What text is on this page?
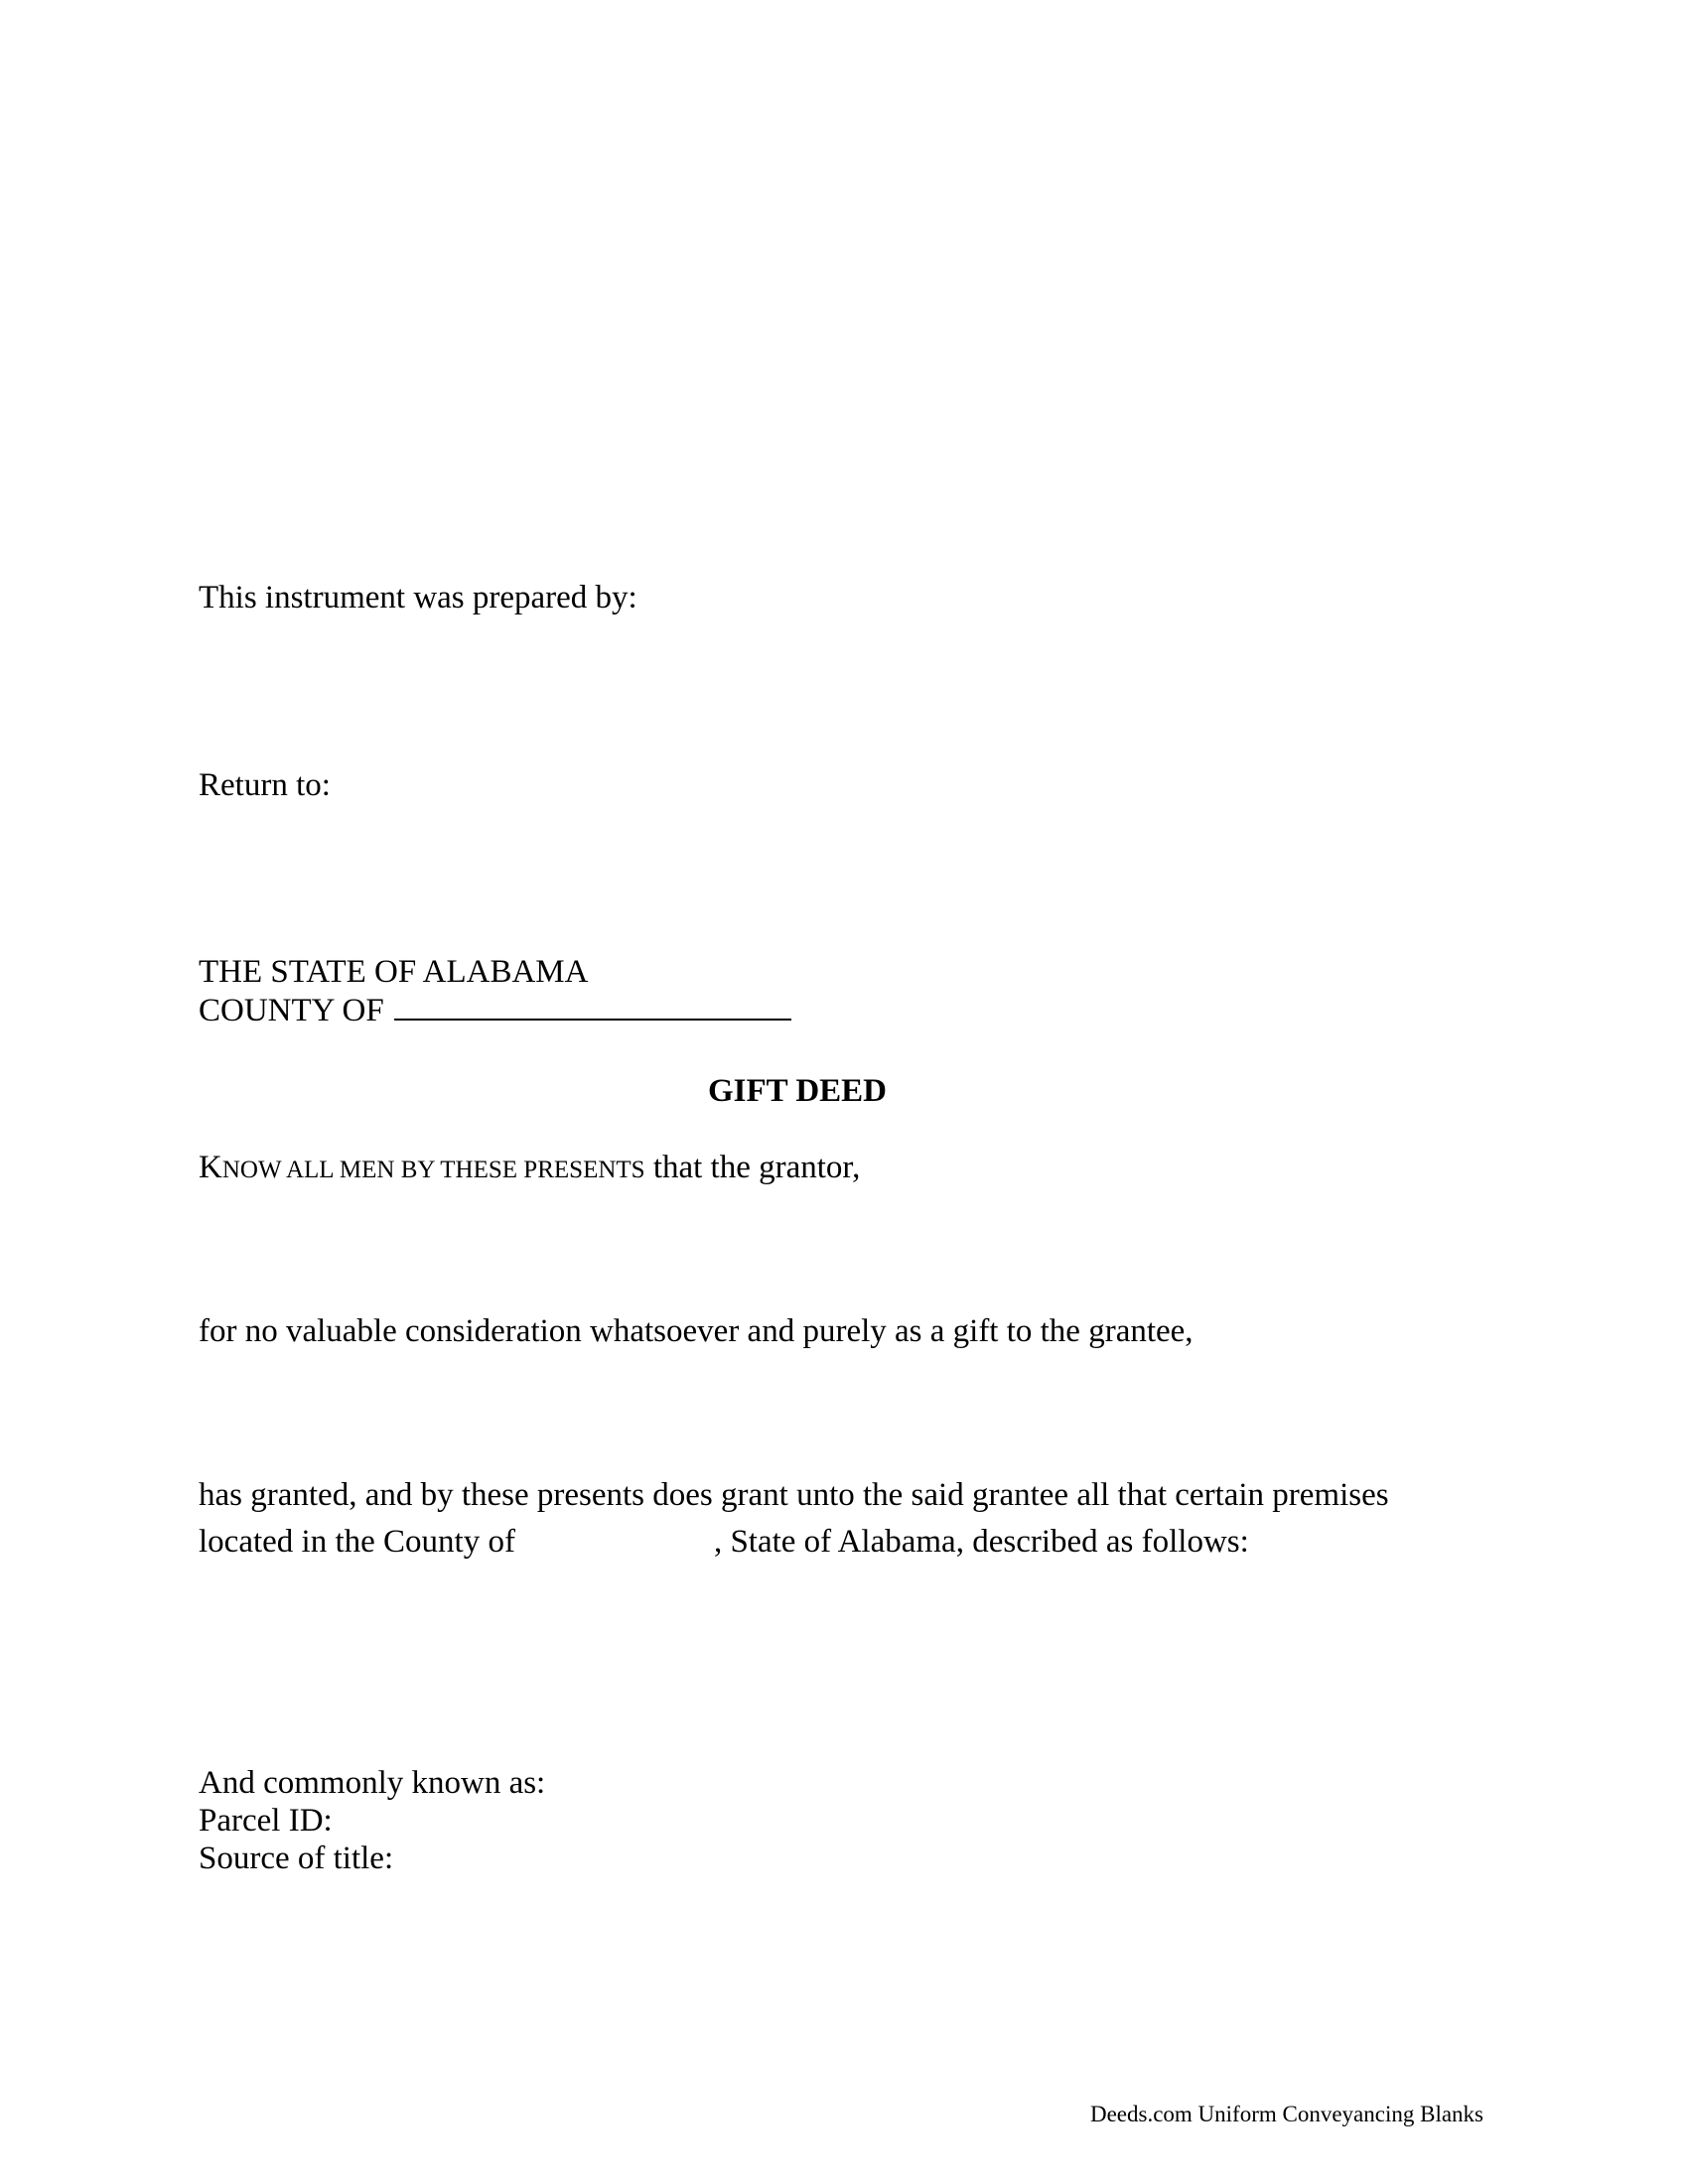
This instrument was prepared by:
Return to:
THE STATE OF ALABAMA
COUNTY OF
GIFT DEED
KNOW ALL MEN BY THESE PRESENTS that the grantor,
for no valuable consideration whatsoever and purely as a gift to the grantee,
has granted, and by these presents does grant unto the said grantee all that certain premises
located in the County of	, State of Alabama, described as follows:
And commonly known as:
Parcel ID:
Source of title:
Deeds.com Uniform Conveyancing Blanks
